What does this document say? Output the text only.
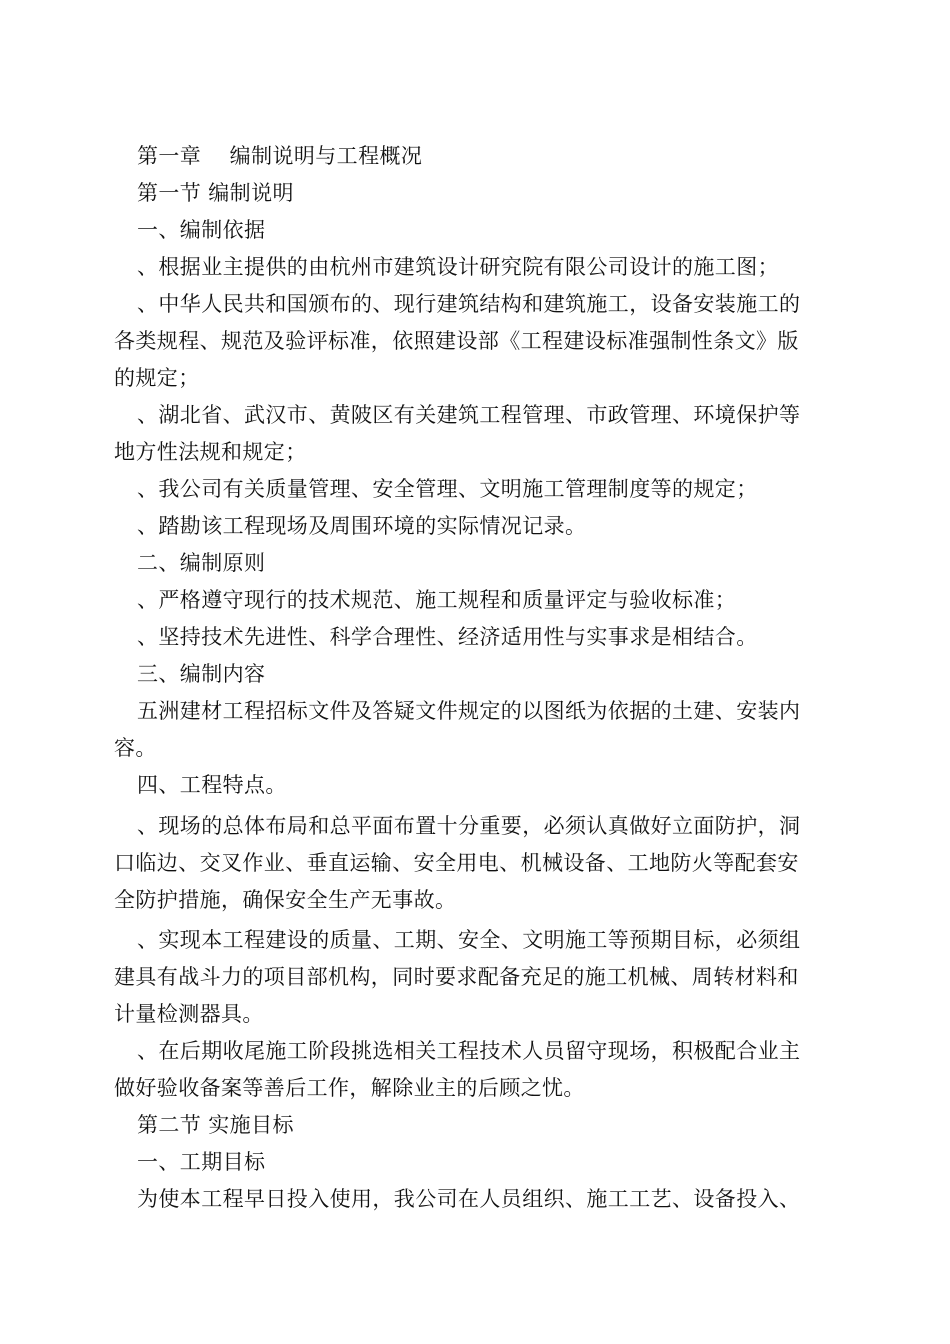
第一章　 编制说明与工程概况
第一节 编制说明
一、编制依据
、根据业主提供的由杭州市建筑设计研究院有限公司设计的施工图；
、中华人民共和国颁布的、现行建筑结构和建筑施工，设备安装施工的
各类规程、规范及验评标准，依照建设部《工程建设标准强制性条文》版
的规定；
、湖北省、武汉市、黄陂区有关建筑工程管理、市政管理、环境保护等
地方性法规和规定；
、我公司有关质量管理、安全管理、文明施工管理制度等的规定；
、踏勘该工程现场及周围环境的实际情况记录。
二、编制原则
、严格遵守现行的技术规范、施工规程和质量评定与验收标准；
、坚持技术先进性、科学合理性、经济适用性与实事求是相结合。
三、编制内容
五洲建材工程招标文件及答疑文件规定的以图纸为依据的土建、安装内
容。
四、工程特点。
、现场的总体布局和总平面布置十分重要，必须认真做好立面防护，洞
口临边、交叉作业、垂直运输、安全用电、机械设备、工地防火等配套安
全防护措施，确保安全生产无事故。
、实现本工程建设的质量、工期、安全、文明施工等预期目标，必须组
建具有战斗力的项目部机构，同时要求配备充足的施工机械、周转材料和
计量检测器具。
、在后期收尾施工阶段挑选相关工程技术人员留守现场，积极配合业主
做好验收备案等善后工作，解除业主的后顾之忧。
第二节 实施目标
一、工期目标
为使本工程早日投入使用，我公司在人员组织、施工工艺、设备投入、
